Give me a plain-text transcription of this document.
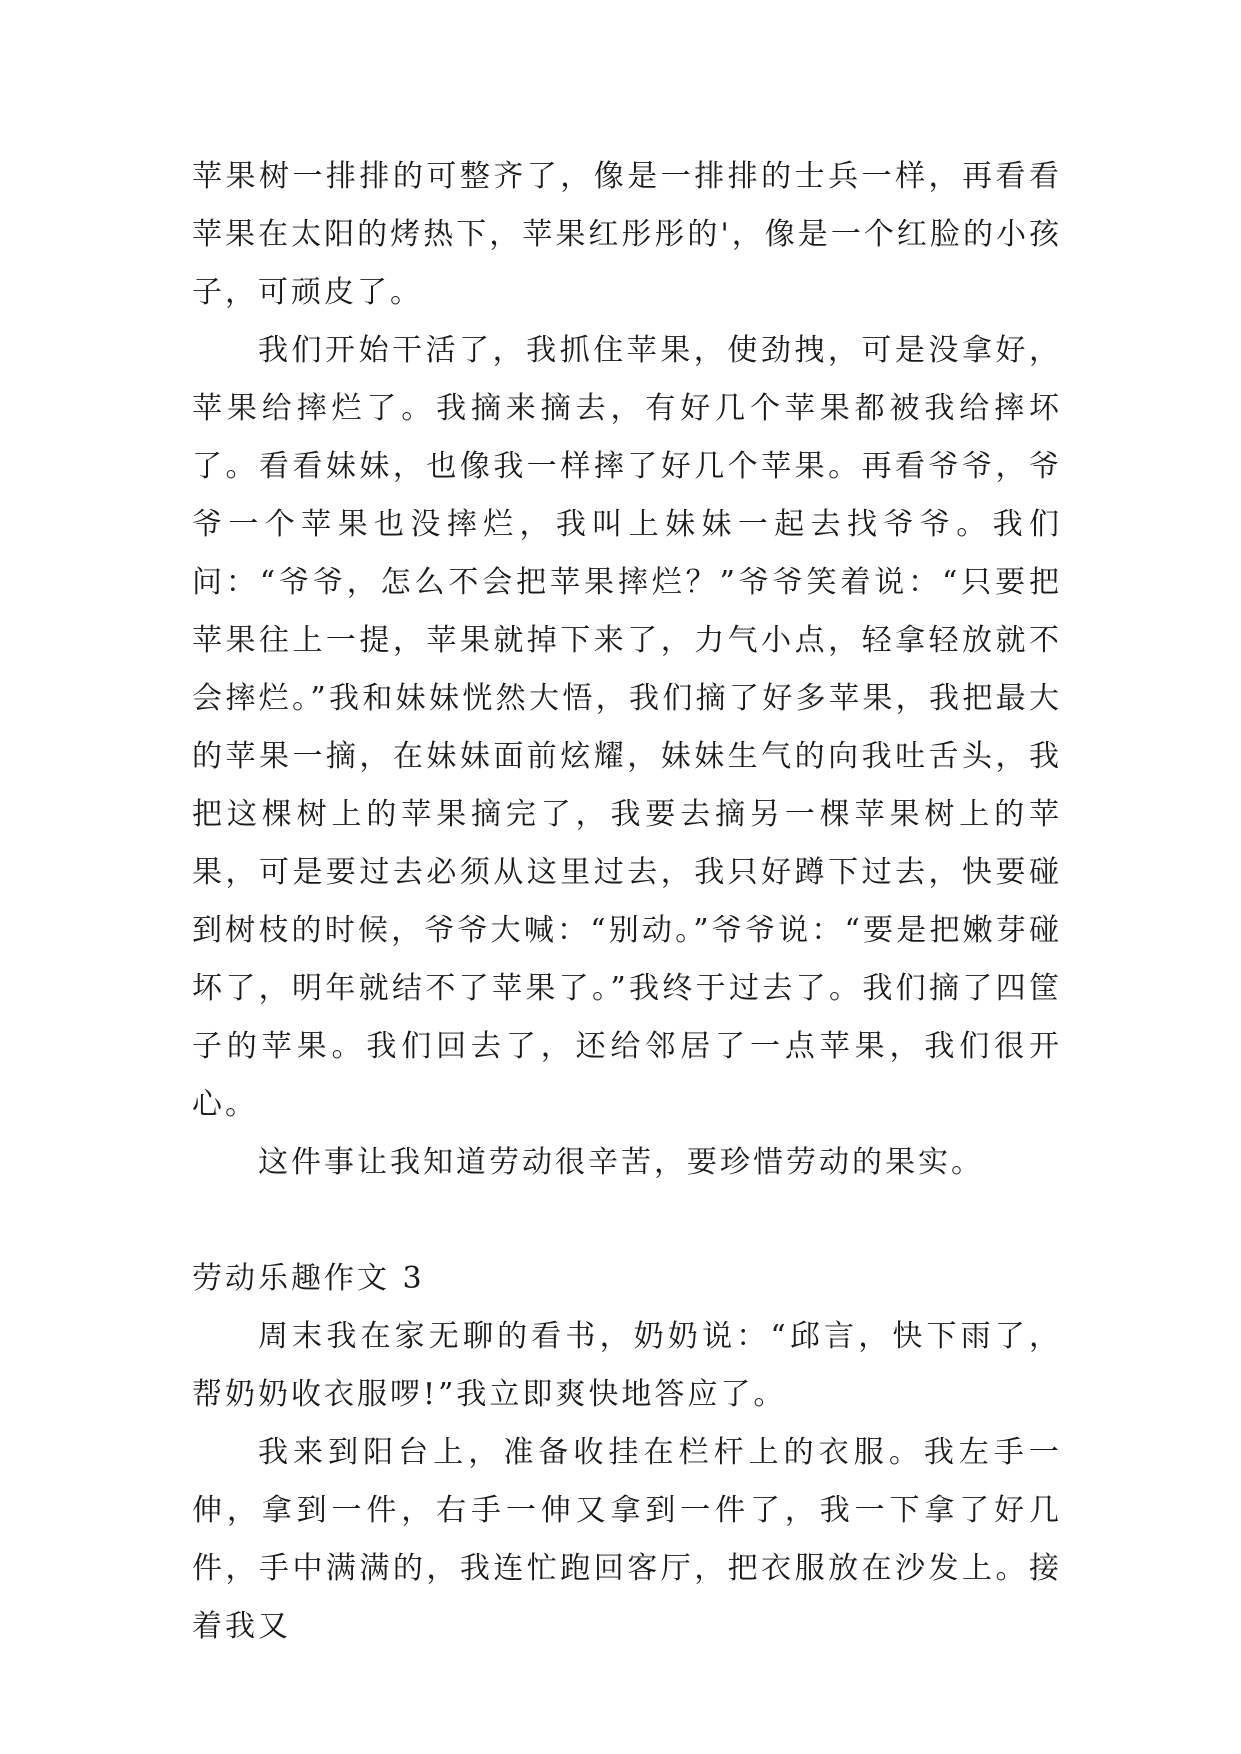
苹果树一排排的可整齐了，像是一排排的士兵一样，再看看苹果在太阳的烤热下，苹果红彤彤的'，像是一个红脸的小孩子，可顽皮了。

我们开始干活了，我抓住苹果，使劲拽，可是没拿好，苹果给摔烂了。我摘来摘去，有好几个苹果都被我给摔坏了。看看妹妹，也像我一样摔了好几个苹果。再看爷爷，爷爷一个苹果也没摔烂，我叫上妹妹一起去找爷爷。我们问：“爷爷，怎么不会把苹果摔烂？”爷爷笑着说：“只要把苹果往上一提，苹果就掉下来了，力气小点，轻拿轻放就不会摔烂。”我和妹妹恍然大悟，我们摘了好多苹果，我把最大的苹果一摘，在妹妹面前炫耀，妹妹生气的向我吐舌头，我把这棵树上的苹果摘完了，我要去摘另一棵苹果树上的苹果，可是要过去必须从这里过去，我只好蹲下过去，快要碰到树枝的时候，爷爷大喊：“别动。”爷爷说：“要是把嫩芽碰坏了，明年就结不了苹果了。”我终于过去了。我们摘了四筐子的苹果。我们回去了，还给邻居了一点苹果，我们很开心。

这件事让我知道劳动很辛苦，要珍惜劳动的果实。

劳动乐趣作文 3

周末我在家无聊的看书，奶奶说：“邱言，快下雨了，帮奶奶收衣服啰!”我立即爽快地答应了。

我来到阳台上，准备收挂在栏杆上的衣服。我左手一伸，拿到一件，右手一伸又拿到一件了，我一下拿了好几件，手中满满的，我连忙跑回客厅，把衣服放在沙发上。接着我又
